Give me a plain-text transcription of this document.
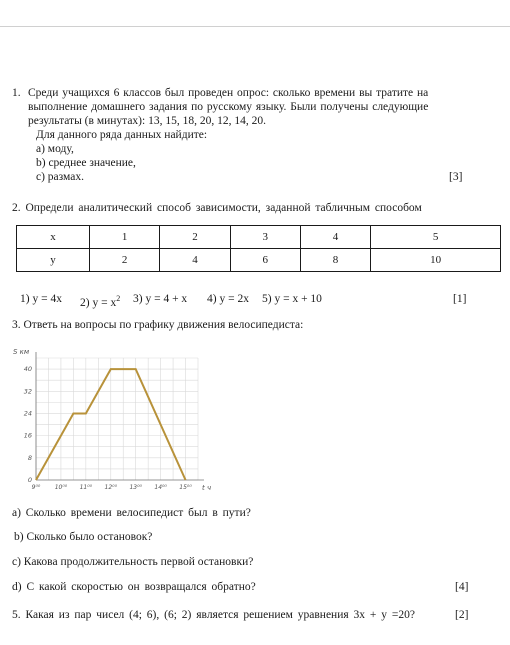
1. Среди учащихся 6 классов был проведен опрос: сколько времени вы тратите на
выполнение домашнего задания по русскому языку. Были получены следующие
результаты (в минутах): 13, 15, 18, 20, 12, 14, 20.
Для данного ряда данных найдите:
a) моду,
b) среднее значение,
c) размах.	[3]
2. Определи аналитический способ зависимости, заданной табличным способом
x	1	2	3	4	5
y	2	4	6	8	10
1) y = 4x 2) $y = x^2$ 3) y = 4 + x 4) y = 2x 5) y = x + 10	[1]
3. Ответь на вопросы по графику движения велосипедиста:
0
8
16
24
32
40
9⁰⁰ 10⁰⁰ 11⁰⁰ 12⁰⁰ 13⁰⁰ 14⁰⁰ 15⁰⁰
S км
t ч
a) Сколько времени велосипедист был в пути?
b) Сколько было остановок?
c) Какова продолжительность первой остановки?
d) С какой скоростью он возвращался обратно?	[4]
5. Какая из пар чисел (4; 6), (6; 2) является решением уравнения 3x + y =20?	[2]
